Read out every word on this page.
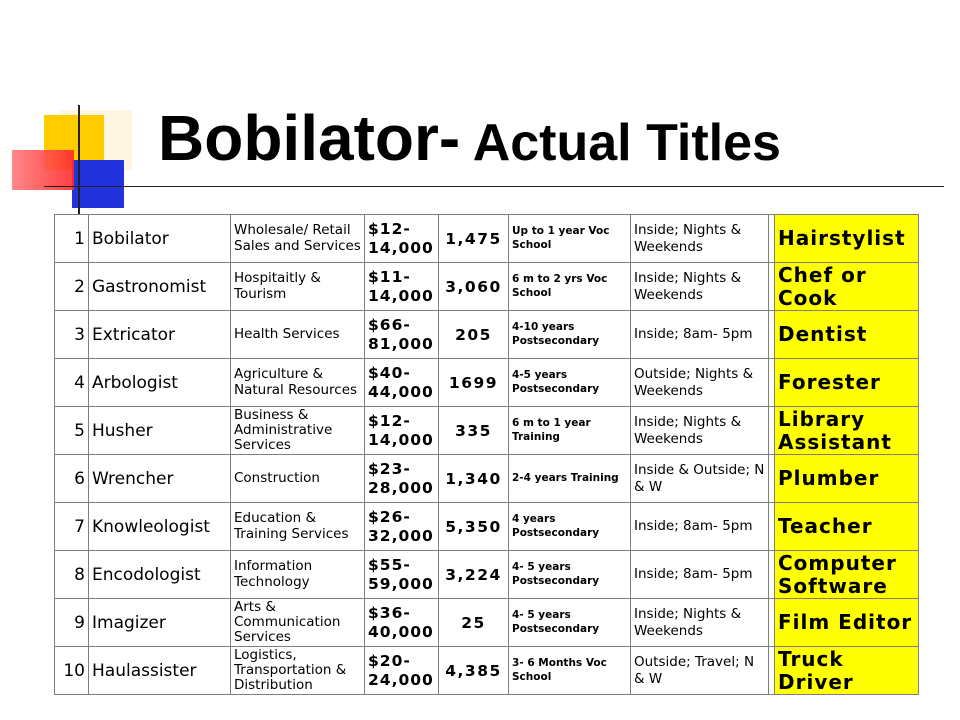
Bobilator- Actual Titles
1	Bobilator	Wholesale/ Retail Sales and Services	$12- 14,000	1,475	Up to 1 year Voc School	Inside; Nights & Weekends		Hairstylist
2	Gastronomist	Hospitaitly & Tourism	$11- 14,000	3,060	6 m to 2 yrs Voc School	Inside; Nights & Weekends		Chef or Cook
3	Extricator	Health Services	$66- 81,000	205	4-10 years Postsecondary	Inside; 8am- 5pm		Dentist
4	Arbologist	Agriculture & Natural Resources	$40- 44,000	1699	4-5 years Postsecondary	Outside; Nights & Weekends		Forester
5	Husher	Business & Administrative Services	$12- 14,000	335	6 m to 1 year Training	Inside; Nights & Weekends		Library Assistant
6	Wrencher	Construction	$23- 28,000	1,340	2-4 years Training	Inside & Outside; N & W		Plumber
7	Knowleologist	Education & Training Services	$26- 32,000	5,350	4 years Postsecondary	Inside; 8am- 5pm		Teacher
8	Encodologist	Information Technology	$55- 59,000	3,224	4- 5 years Postsecondary	Inside; 8am- 5pm		Computer Software
9	Imagizer	Arts & Communication Services	$36- 40,000	25	4- 5 years Postsecondary	Inside; Nights & Weekends		Film Editor
10	Haulassister	Logistics, Transportation & Distribution	$20- 24,000	4,385	3- 6 Months Voc School	Outside; Travel; N & W		Truck Driver
